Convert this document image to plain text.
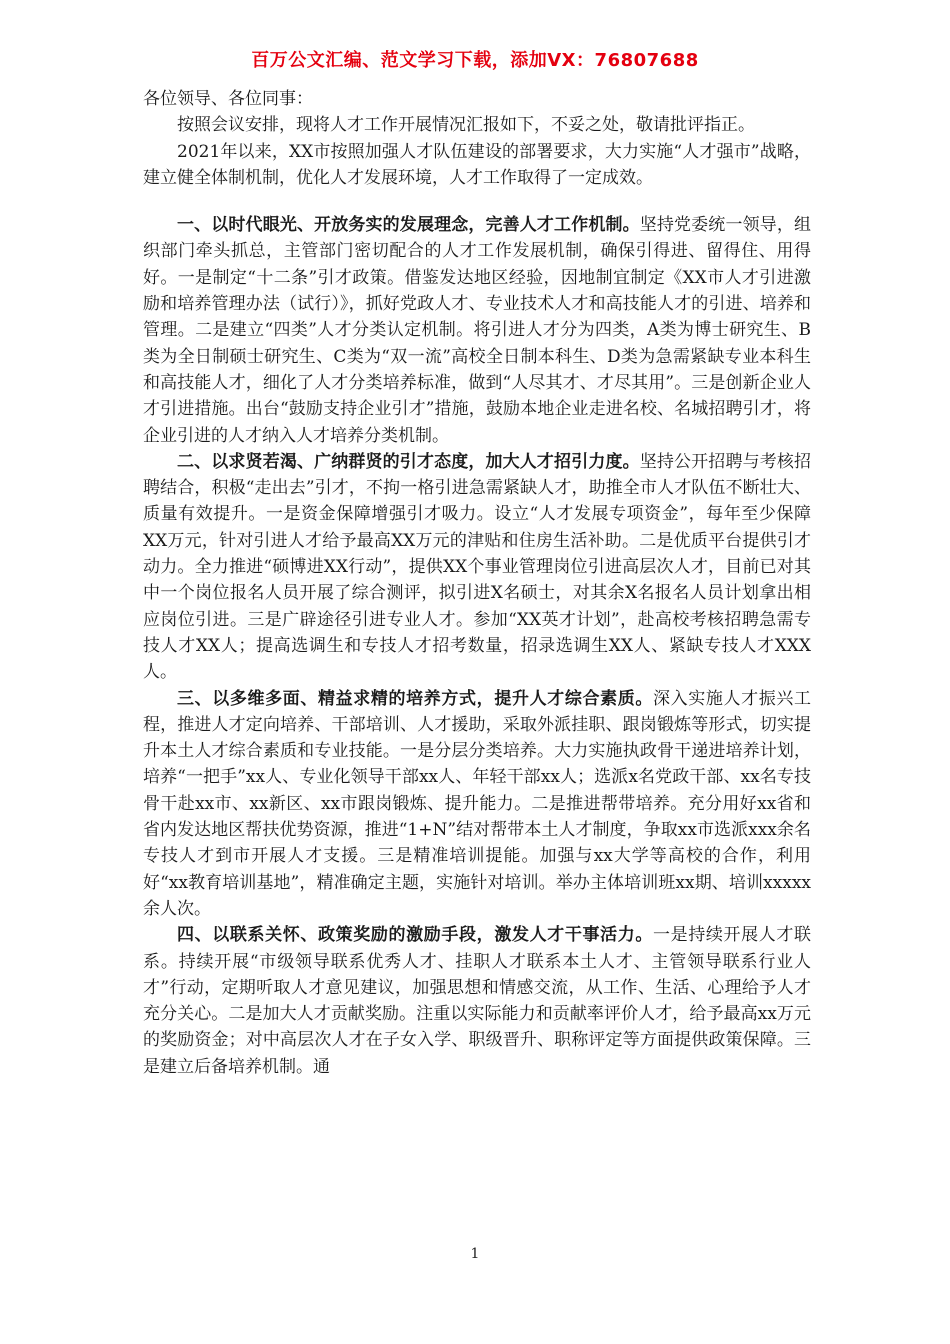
百万公文汇编、范文学习下载，添加VX：76807688

各位领导、各位同事：

按照会议安排，现将人才工作开展情况汇报如下，不妥之处，敬请批评指正。

2021年以来，XX市按照加强人才队伍建设的部署要求，大力实施“人才强市”战略，建立健全体制机制，优化人才发展环境，人才工作取得了一定成效。

一、以时代眼光、开放务实的发展理念，完善人才工作机制。坚持党委统一领导，组织部门牵头抓总，主管部门密切配合的人才工作发展机制，确保引得进、留得住、用得好。一是制定“十二条”引才政策。借鉴发达地区经验，因地制宜制定《XX市人才引进激励和培养管理办法（试行）》，抓好党政人才、专业技术人才和高技能人才的引进、培养和管理。二是建立“四类”人才分类认定机制。将引进人才分为四类，A类为博士研究生、B类为全日制硕士研究生、C类为“双一流”高校全日制本科生、D类为急需紧缺专业本科生和高技能人才，细化了人才分类培养标准，做到“人尽其才、才尽其用”。三是创新企业人才引进措施。出台“鼓励支持企业引才”措施，鼓励本地企业走进名校、名城招聘引才，将企业引进的人才纳入人才培养分类机制。

二、以求贤若渴、广纳群贤的引才态度，加大人才招引力度。坚持公开招聘与考核招聘结合，积极“走出去”引才，不拘一格引进急需紧缺人才，助推全市人才队伍不断壮大、质量有效提升。一是资金保障增强引才吸力。设立“人才发展专项资金”，每年至少保障XX万元，针对引进人才给予最高XX万元的津贴和住房生活补助。二是优质平台提供引才动力。全力推进“硕博进XX行动”，提供XX个事业管理岗位引进高层次人才，目前已对其中一个岗位报名人员开展了综合测评，拟引进X名硕士，对其余X名报名人员计划拿出相应岗位引进。三是广辟途径引进专业人才。参加“XX英才计划”，赴高校考核招聘急需专技人才XX人；提高选调生和专技人才招考数量，招录选调生XX人、紧缺专技人才XXX人。

三、以多维多面、精益求精的培养方式，提升人才综合素质。深入实施人才振兴工程，推进人才定向培养、干部培训、人才援助，采取外派挂职、跟岗锻炼等形式，切实提升本土人才综合素质和专业技能。一是分层分类培养。大力实施执政骨干递进培养计划，培养“一把手”xx人、专业化领导干部xx人、年轻干部xx人；选派x名党政干部、xx名专技骨干赴xx市、xx新区、xx市跟岗锻炼、提升能力。二是推进帮带培养。充分用好xx省和省内发达地区帮扶优势资源，推进“1+N”结对帮带本土人才制度，争取xx市选派xxx余名专技人才到市开展人才支援。三是精准培训提能。加强与xx大学等高校的合作，利用好“xx教育培训基地”，精准确定主题，实施针对培训。举办主体培训班xx期、培训xxxxx余人次。

四、以联系关怀、政策奖励的激励手段，激发人才干事活力。一是持续开展人才联系。持续开展“市级领导联系优秀人才、挂职人才联系本土人才、主管领导联系行业人才”行动，定期听取人才意见建议，加强思想和情感交流，从工作、生活、心理给予人才充分关心。二是加大人才贡献奖励。注重以实际能力和贡献率评价人才，给予最高xx万元的奖励资金；对中高层次人才在子女入学、职级晋升、职称评定等方面提供政策保障。三是建立后备培养机制。通

1
